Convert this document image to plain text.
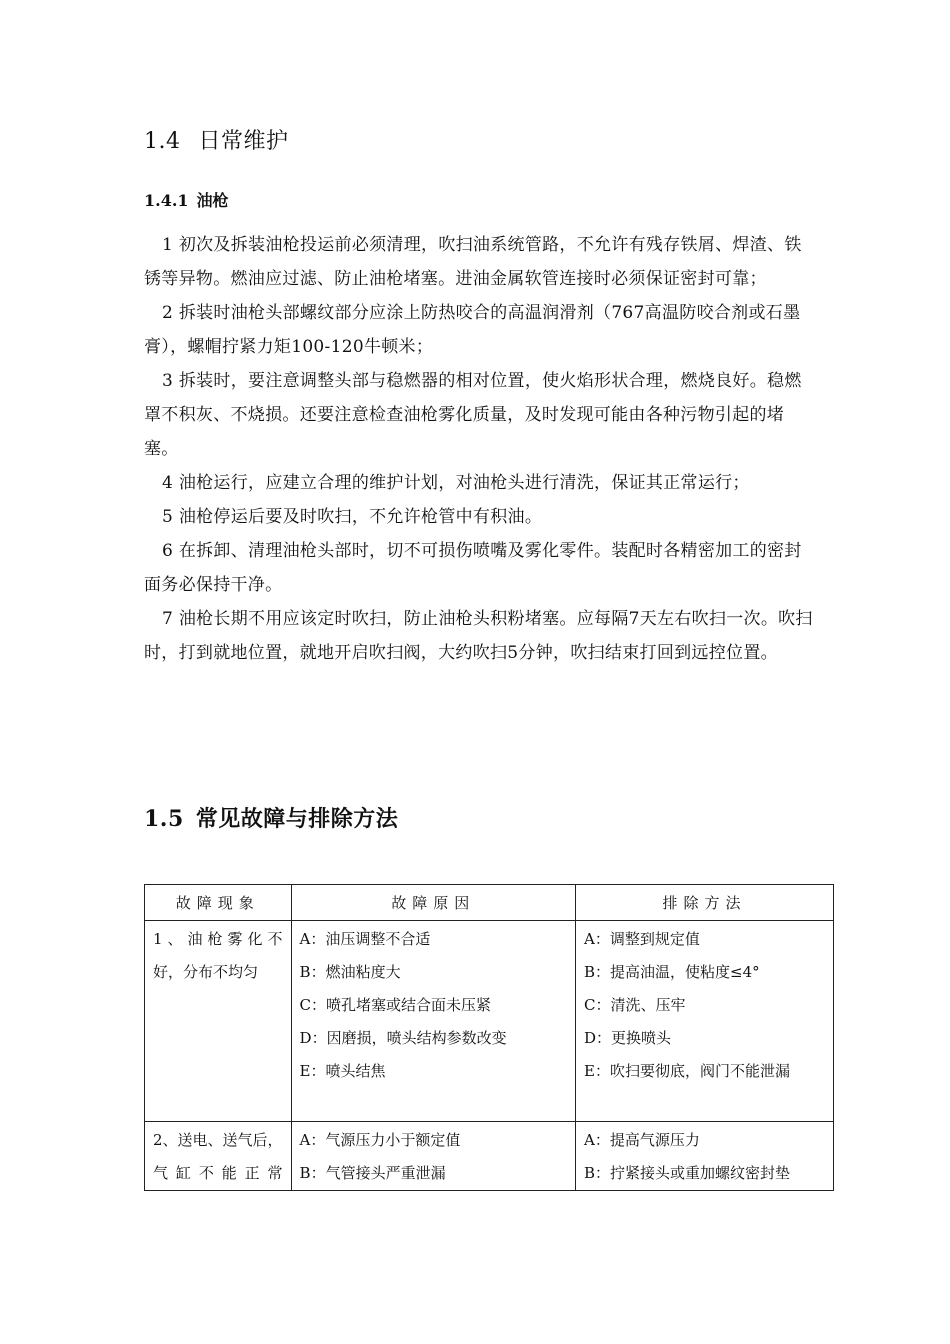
1.4 日常维护
1.4.1 油枪

1 初次及拆装油枪投运前必须清理，吹扫油系统管路，不允许有残存铁屑、焊渣、铁锈等异物。燃油应过滤、防止油枪堵塞。进油金属软管连接时必须保证密封可靠；

2 拆装时油枪头部螺纹部分应涂上防热咬合的高温润滑剂（767高温防咬合剂或石墨膏），螺帽拧紧力矩100-120牛顿米；

3 拆装时，要注意调整头部与稳燃器的相对位置，使火焰形状合理，燃烧良好。稳燃罩不积灰、不烧损。还要注意检查油枪雾化质量，及时发现可能由各种污物引起的堵塞。

4 油枪运行，应建立合理的维护计划，对油枪头进行清洗，保证其正常运行；

5 油枪停运后要及时吹扫，不允许枪管中有积油。

6 在拆卸、清理油枪头部时，切不可损伤喷嘴及雾化零件。装配时各精密加工的密封面务必保持干净。

7 油枪长期不用应该定时吹扫，防止油枪头积粉堵塞。应每隔7天左右吹扫一次。吹扫时，打到就地位置，就地开启吹扫阀，大约吹扫5分钟，吹扫结束打回到远控位置。

1.5 常见故障与排除方法
故障现象	故障原因	排除方法

1、油枪雾化不
好，分布不均匀	A：油压调整不合适
B：燃油粘度大
C：喷孔堵塞或结合面未压紧
D：因磨损，喷头结构参数改变
E：喷头结焦	A：调整到规定值
B：提高油温，使粘度≤4°
C：清洗、压牢
D：更换喷头
E：吹扫要彻底，阀门不能泄漏

2、送电、送气后，
气缸不能正常	A：气源压力小于额定值
B：气管接头严重泄漏	A：提高气源压力
B：拧紧接头或重加螺纹密封垫
